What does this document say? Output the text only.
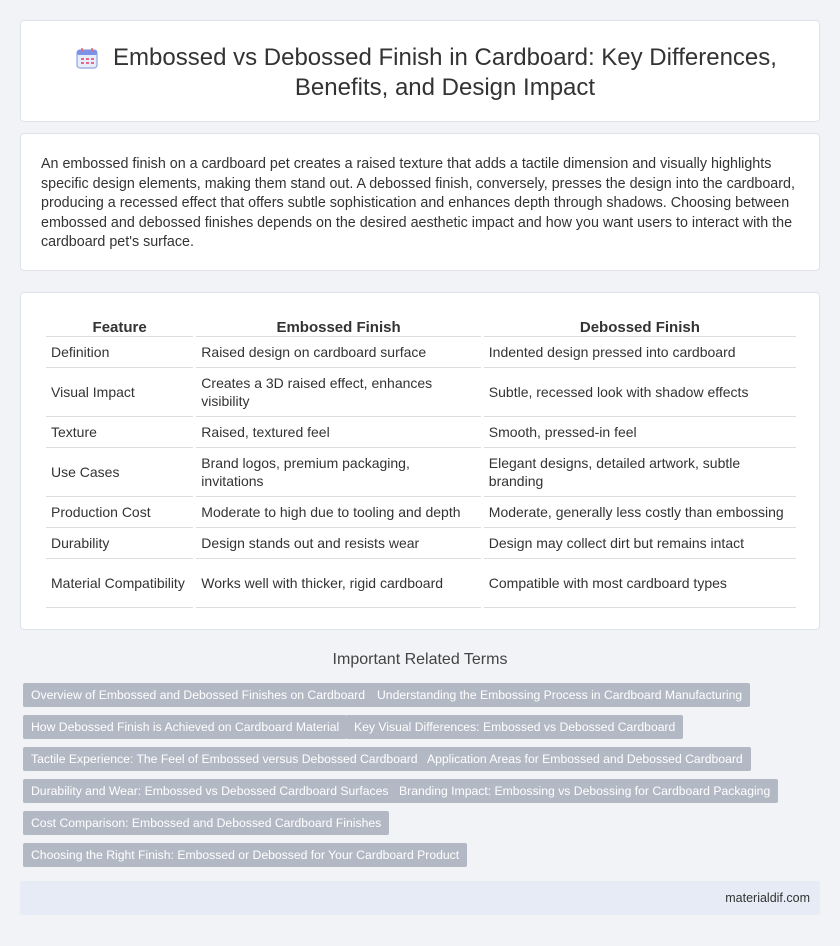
Embossed vs Debossed Finish in Cardboard: Key Differences, Benefits, and Design Impact

An embossed finish on a cardboard pet creates a raised texture that adds a tactile dimension and visually highlights specific design elements, making them stand out. A debossed finish, conversely, presses the design into the cardboard, producing a recessed effect that offers subtle sophistication and enhances depth through shadows. Choosing between embossed and debossed finishes depends on the desired aesthetic impact and how you want users to interact with the cardboard pet's surface.

Feature	Embossed Finish	Debossed Finish
Definition	Raised design on cardboard surface	Indented design pressed into cardboard
Visual Impact	Creates a 3D raised effect, enhances visibility	Subtle, recessed look with shadow effects
Texture	Raised, textured feel	Smooth, pressed-in feel
Use Cases	Brand logos, premium packaging, invitations	Elegant designs, detailed artwork, subtle branding
Production Cost	Moderate to high due to tooling and depth	Moderate, generally less costly than embossing
Durability	Design stands out and resists wear	Design may collect dirt but remains intact
Material Compatibility	Works well with thicker, rigid cardboard	Compatible with most cardboard types
Important Related Terms
Overview of Embossed and Debossed Finishes on Cardboard Understanding the Embossing Process in Cardboard Manufacturing
How Debossed Finish is Achieved on Cardboard Material	Key Visual Differences: Embossed vs Debossed Cardboard
Tactile Experience: The Feel of Embossed versus Debossed Cardboard Application Areas for Embossed and Debossed Cardboard
Durability and Wear: Embossed vs Debossed Cardboard Surfaces Branding Impact: Embossing vs Debossing for Cardboard Packaging
Cost Comparison: Embossed and Debossed Cardboard Finishes
Choosing the Right Finish: Embossed or Debossed for Your Cardboard Product
materialdif.com
